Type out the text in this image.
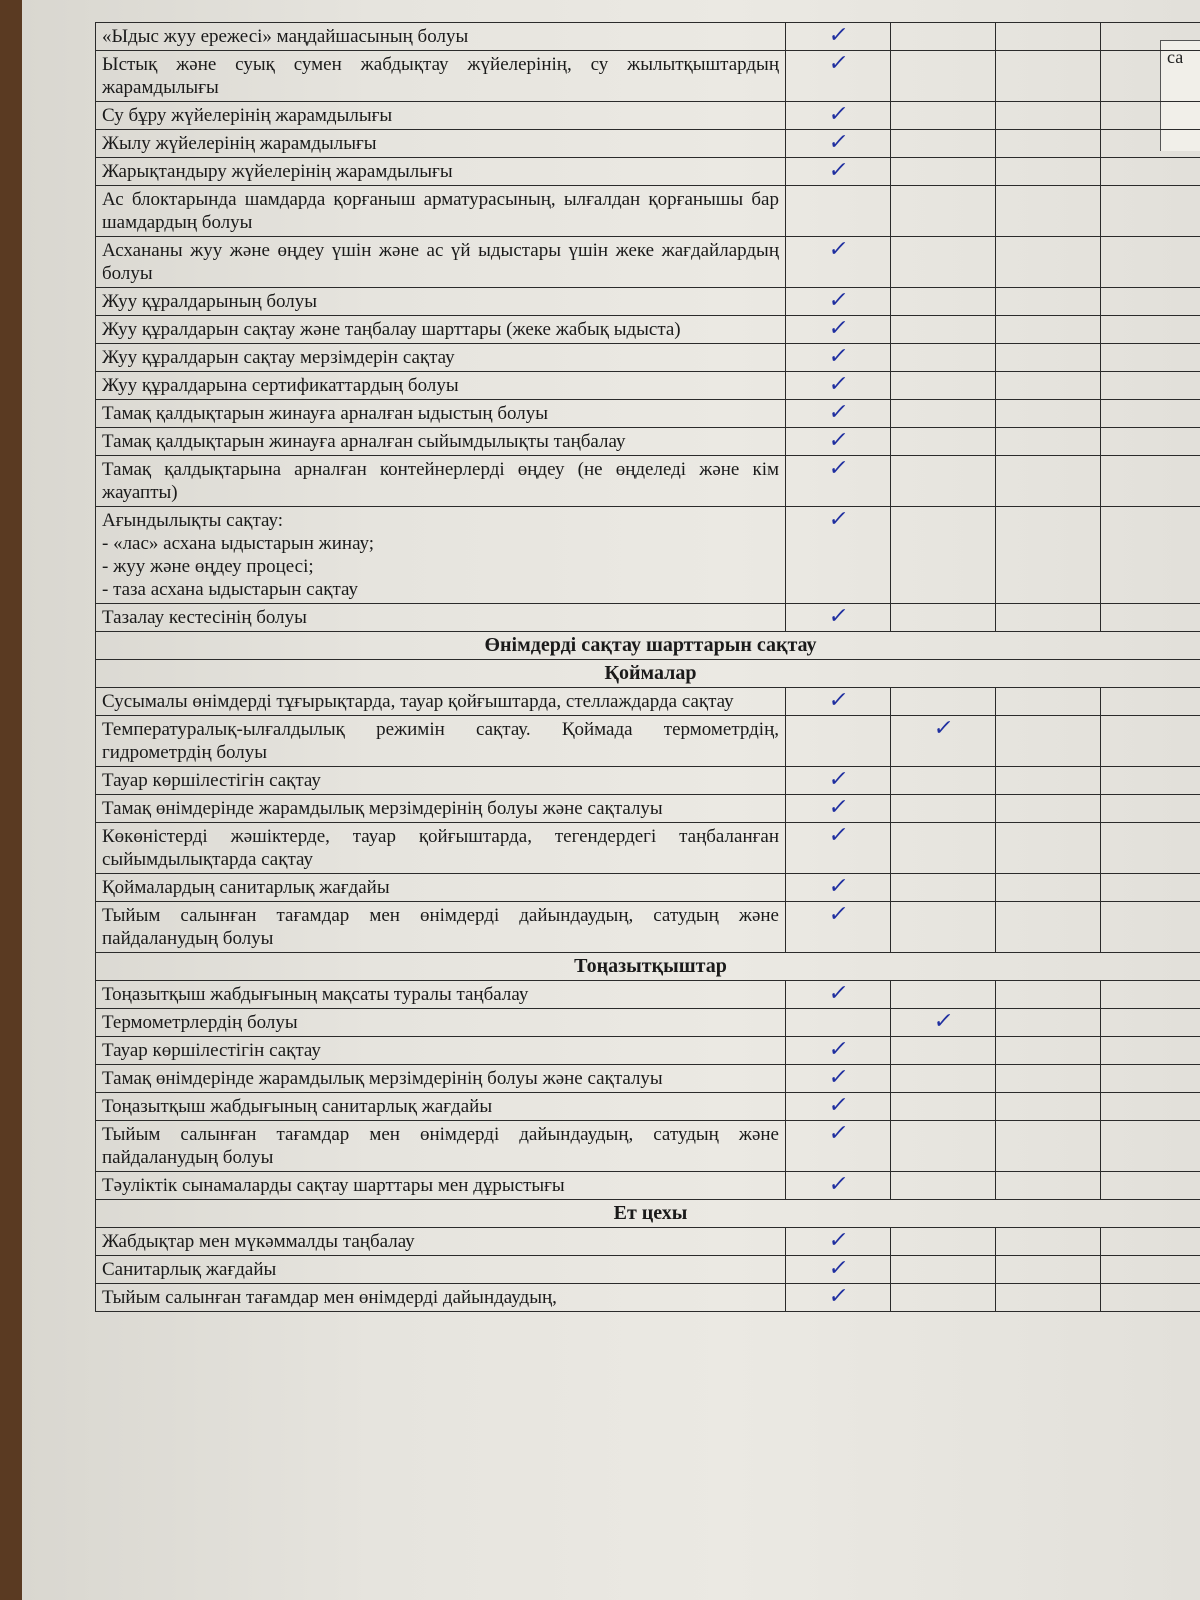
са
«Ыдыс жуу ережесі» маңдайшасының болуы	✓			
Ыстық және суық сумен жабдықтау жүйелерінің, су жылытқыштардың жарамдылығы	✓			
Су бұру жүйелерінің жарамдылығы	✓			
Жылу жүйелерінің жарамдылығы	✓			
Жарықтандыру жүйелерінің жарамдылығы	✓			
Ас блоктарында шамдарда қорғаныш арматурасының, ылғалдан қорғанышы бар шамдардың болуы				
Асхананы жуу және өңдеу үшін және ас үй ыдыстары үшін жеке жағдайлардың болуы	✓			
Жуу құралдарының болуы	✓			
Жуу құралдарын сақтау және таңбалау шарттары (жеке жабық ыдыста)	✓			
Жуу құралдарын сақтау мерзімдерін сақтау	✓			
Жуу құралдарына сертификаттардың болуы	✓			
Тамақ қалдықтарын жинауға арналған ыдыстың болуы	✓			
Тамақ қалдықтарын жинауға арналған сыйымдылықты таңбалау	✓			
Тамақ қалдықтарына арналған контейнерлерді өңдеу (не өңделеді және кім жауапты)	✓			

Ағындылықты сақтау:
- «лас» асхана ыдыстарын жинау;
- жуу және өңдеу процесі;
- таза асхана ыдыстарын сақтау	✓			
Тазалау кестесінің болуы	✓			
Өнімдерді сақтау шарттарын сақтау				
Қоймалар				
Сусымалы өнімдерді тұғырықтарда, тауар қойғыштарда, стеллаждарда сақтау	✓			
Температуралық-ылғалдылық режимін сақтау. Қоймада термометрдің, гидрометрдің болуы		✓		
Тауар көршілестігін сақтау	✓			
Тамақ өнімдерінде жарамдылық мерзімдерінің болуы және сақталуы	✓			
Көкөністерді жәшіктерде, тауар қойғыштарда, тегендердегі таңбаланған сыйымдылықтарда сақтау	✓			
Қоймалардың санитарлық жағдайы	✓			
Тыйым салынған тағамдар мен өнімдерді дайындаудың, сатудың және пайдаланудың болуы	✓			
Тоңазытқыштар				
Тоңазытқыш жабдығының мақсаты туралы таңбалау	✓			
Термометрлердің болуы		✓		
Тауар көршілестігін сақтау	✓			
Тамақ өнімдерінде жарамдылық мерзімдерінің болуы және сақталуы	✓			
Тоңазытқыш жабдығының санитарлық жағдайы	✓			
Тыйым салынған тағамдар мен өнімдерді дайындаудың, сатудың және пайдаланудың болуы	✓			
Тәуліктік сынамаларды сақтау шарттары мен дұрыстығы	✓			
Ет цехы				
Жабдықтар мен мүкәммалды таңбалау	✓			
Санитарлық жағдайы	✓			
Тыйым салынған тағамдар мен өнімдерді дайындаудың,	✓			
